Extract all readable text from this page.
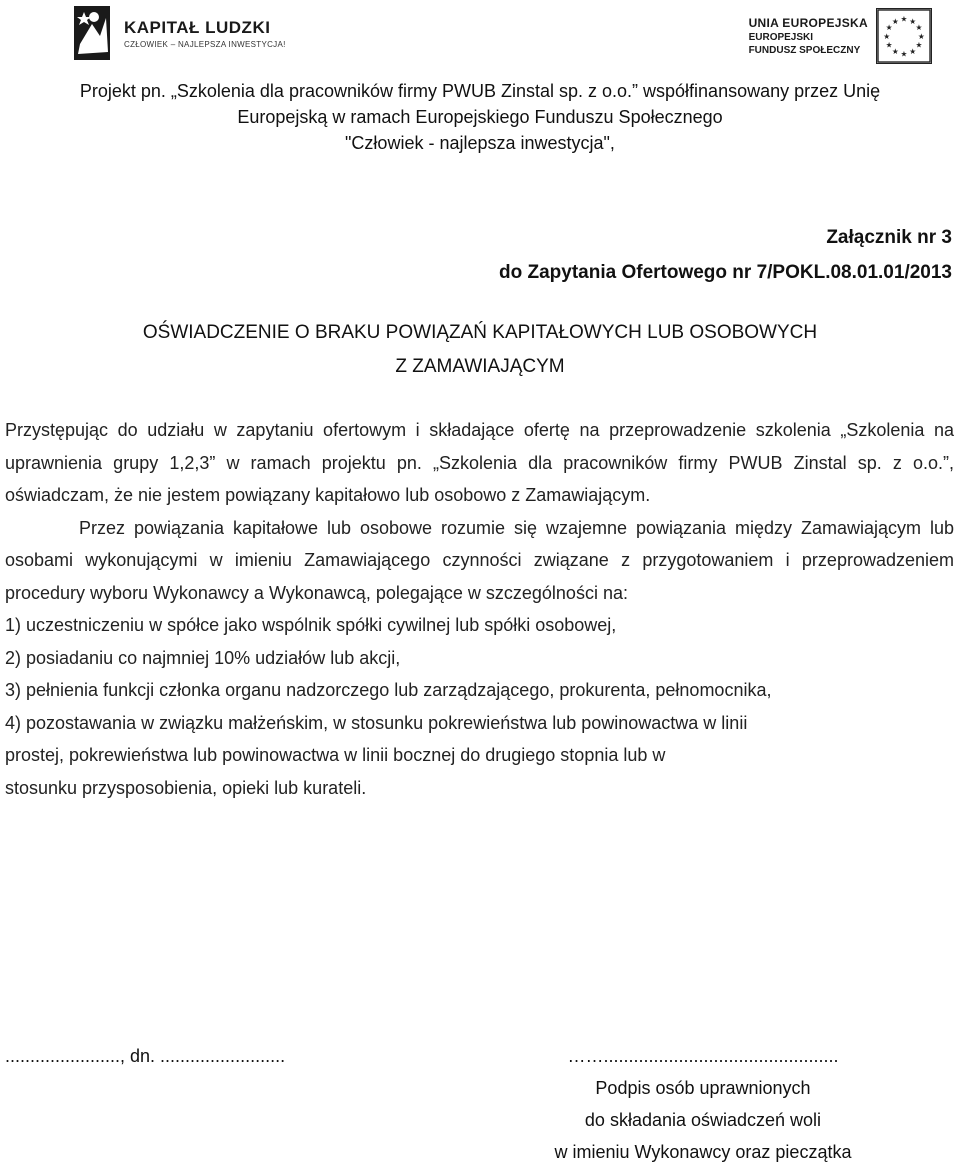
KAPITAŁ LUDZKI
CZŁOWIEK – NAJLEPSZA INWESTYCJA!
UNIA EUROPEJSKA
EUROPEJSKI
FUNDUSZ SPOŁECZNY
★ ★
★
★
★
★
★
★
★
★
★
★
Projekt pn. „Szkolenia dla pracowników firmy PWUB Zinstal sp. z o.o.” współfinansowany przez Unię
Europejską w ramach Europejskiego Funduszu Społecznego
"Człowiek - najlepsza inwestycja",
Załącznik nr 3
do Zapytania Ofertowego nr 7/POKL.08.01.01/2013
OŚWIADCZENIE O BRAKU POWIĄZAŃ KAPITAŁOWYCH LUB OSOBOWYCH
Z ZAMAWIAJĄCYM
Przystępując do udziału w zapytaniu ofertowym i składające ofertę na przeprowadzenie szkolenia „Szkolenia na uprawnienia grupy 1,2,3” w ramach projektu pn. „Szkolenia dla pracowników firmy PWUB Zinstal sp. z o.o.”, oświadczam, że nie jestem powiązany kapitałowo lub osobowo z Zamawiającym.
Przez powiązania kapitałowe lub osobowe rozumie się wzajemne powiązania między Zamawiającym lub osobami wykonującymi w imieniu Zamawiającego czynności związane z przygotowaniem i przeprowadzeniem procedury wyboru Wykonawcy a Wykonawcą, polegające w szczególności na:
1) uczestniczeniu w spółce jako wspólnik spółki cywilnej lub spółki osobowej,
2) posiadaniu co najmniej 10% udziałów lub akcji,
3) pełnienia funkcji członka organu nadzorczego lub zarządzającego, prokurenta, pełnomocnika,
4) pozostawania w związku małżeńskim, w stosunku pokrewieństwa lub powinowactwa w linii
prostej, pokrewieństwa lub powinowactwa w linii bocznej do drugiego stopnia lub w
stosunku przysposobienia, opieki lub kurateli.
......................., dn. .........................	……...............................................
Podpis osób uprawnionych
do składania oświadczeń woli
w imieniu Wykonawcy oraz pieczątka
